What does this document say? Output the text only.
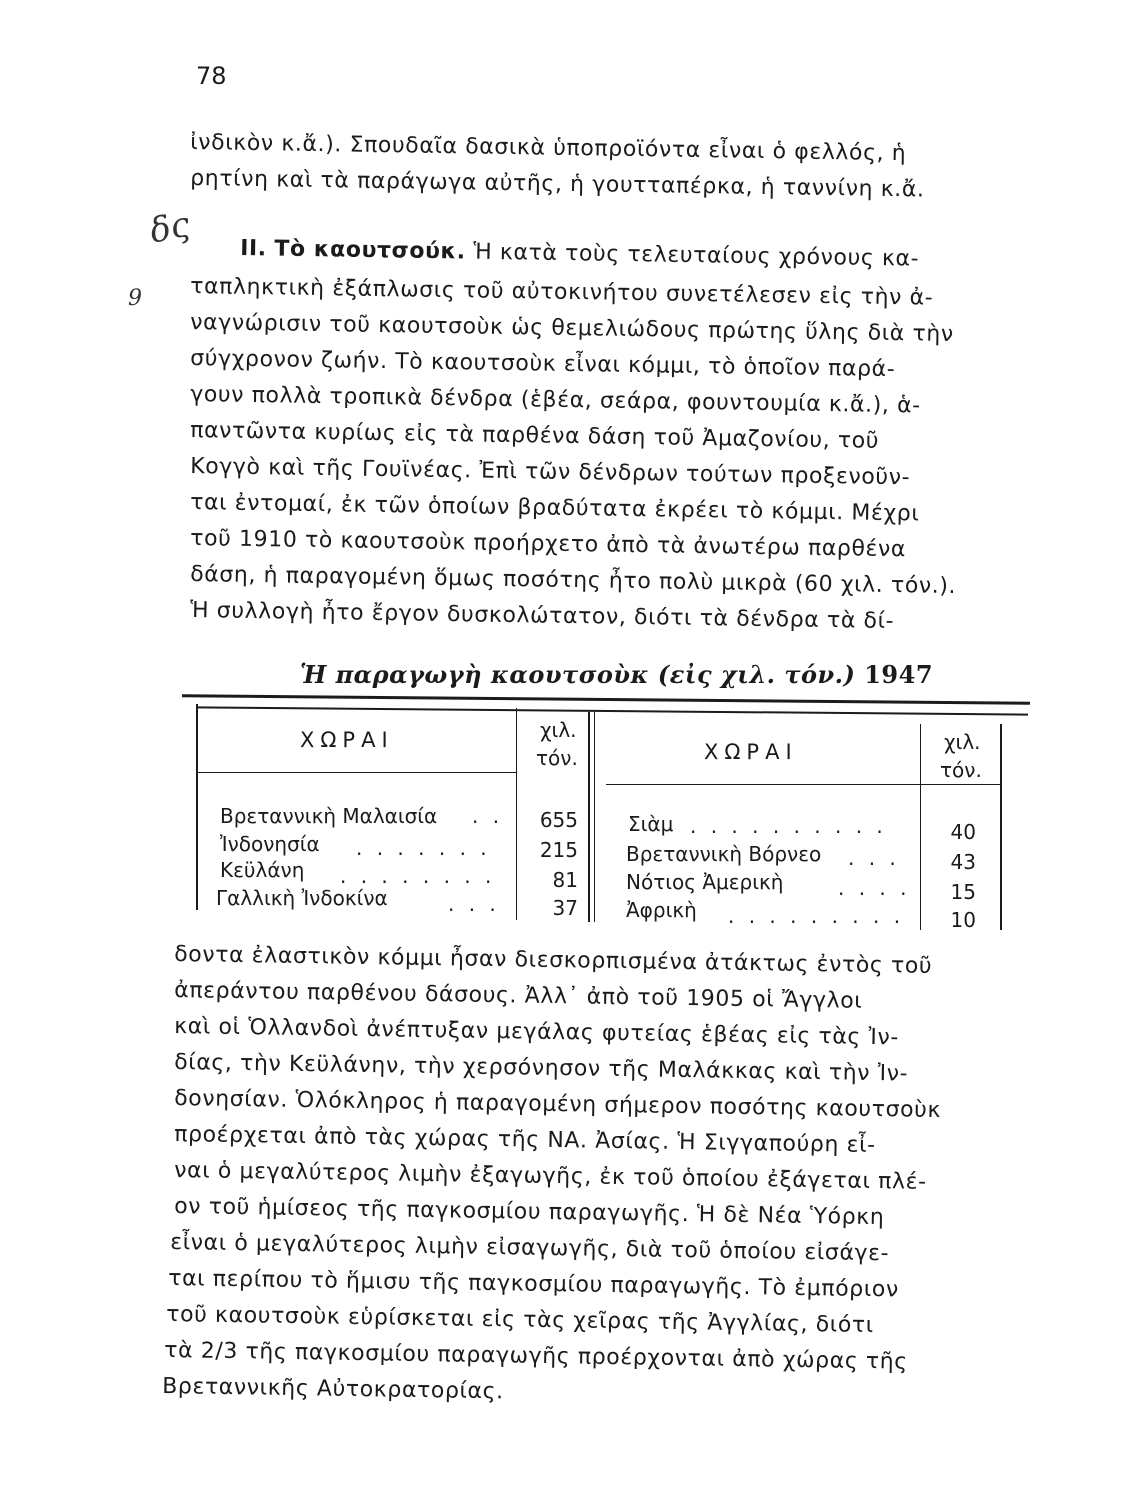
78
δς
9
ἰνδικὸν κ.ἄ.). Σπουδαῖα δασικὰ ὑποπροϊόντα εἶναι ὁ φελλός, ἡ
ρητίνη καὶ τὰ παράγωγα αὐτῆς, ἡ γουτταπέρκα, ἡ ταννίνη κ.ἄ.
ΙΙ. Τὸ καουτσούκ. Ἡ κατὰ τοὺς τελευταίους χρόνους κα-
ταπληκτικὴ ἐξάπλωσις τοῦ αὐτοκινήτου συνετέλεσεν εἰς τὴν ἀ-
ναγνώρισιν τοῦ καουτσοὺκ ὡς θεμελιώδους πρώτης ὕλης διὰ τὴν
σύγχρονον ζωήν. Τὸ καουτσοὺκ εἶναι κόμμι, τὸ ὁποῖον παρά-
γουν πολλὰ τροπικὰ δένδρα (ἑβέα, σεάρα, φουντουμία κ.ἄ.), ἁ-
παντῶντα κυρίως εἰς τὰ παρθένα δάση τοῦ Ἀμαζονίου, τοῦ
Κογγὸ καὶ τῆς Γουϊνέας. Ἐπὶ τῶν δένδρων τούτων προξενοῦν-
ται ἐντομαί, ἐκ τῶν ὁποίων βραδύτατα ἐκρέει τὸ κόμμι. Μέχρι
τοῦ 1910 τὸ καουτσοὺκ προήρχετο ἀπὸ τὰ ἀνωτέρω παρθένα
δάση, ἡ παραγομένη ὅμως ποσότης ἦτο πολὺ μικρὰ (60 χιλ. τόν.).
Ἡ συλλογὴ ἦτο ἔργον δυσκολώτατον, διότι τὰ δένδρα τὰ δί-
Ἡ παραγωγὴ καουτσοὺκ (εἰς χιλ. τόν.) 1947
ΧΩΡΑΙ	χιλ.
τόν.	ΧΩΡΑΙ	χιλ.
τόν.
Βρεταννικὴ Μαλαισία . .	655
Ἰνδονησία . . . . . . .	215
Κεϋλάνη . . . . . . . .	81
Γαλλικὴ Ἰνδοκίνα	. . .	37
Σιὰμ . . . . . . . . . .	40
Βρεταννικὴ Βόρνεο . . .	43
Νότιος Ἀμερικὴ	. . . .	15
Ἀφρικὴ . . . . . . . . .	10
δοντα ἐλαστικὸν κόμμι ἦσαν διεσκορπισμένα ἀτάκτως ἐντὸς τοῦ
ἀπεράντου παρθένου δάσους. Ἀλλ᾿ ἀπὸ τοῦ 1905 οἱ Ἄγγλοι
καὶ οἱ Ὁλλανδοὶ ἀνέπτυξαν μεγάλας φυτείας ἑβέας εἰς τὰς Ἰν-
δίας, τὴν Κεϋλάνην, τὴν χερσόνησον τῆς Μαλάκκας καὶ τὴν Ἰν-
δονησίαν. Ὁλόκληρος ἡ παραγομένη σήμερον ποσότης καουτσοὺκ
προέρχεται ἀπὸ τὰς χώρας τῆς ΝΑ. Ἀσίας. Ἡ Σιγγαπούρη εἶ-
ναι ὁ μεγαλύτερος λιμὴν ἐξαγωγῆς, ἐκ τοῦ ὁποίου ἐξάγεται πλέ-
ον τοῦ ἡμίσεος τῆς παγκοσμίου παραγωγῆς. Ἡ δὲ Νέα Ὑόρκη
εἶναι ὁ μεγαλύτερος λιμὴν εἰσαγωγῆς, διὰ τοῦ ὁποίου εἰσάγε-
ται περίπου τὸ ἥμισυ τῆς παγκοσμίου παραγωγῆς. Τὸ ἐμπόριον
τοῦ καουτσοὺκ εὑρίσκεται εἰς τὰς χεῖρας τῆς Ἀγγλίας, διότι
τὰ 2/3 τῆς παγκοσμίου παραγωγῆς προέρχονται ἀπὸ χώρας τῆς
Βρεταννικῆς Αὐτοκρατορίας.
